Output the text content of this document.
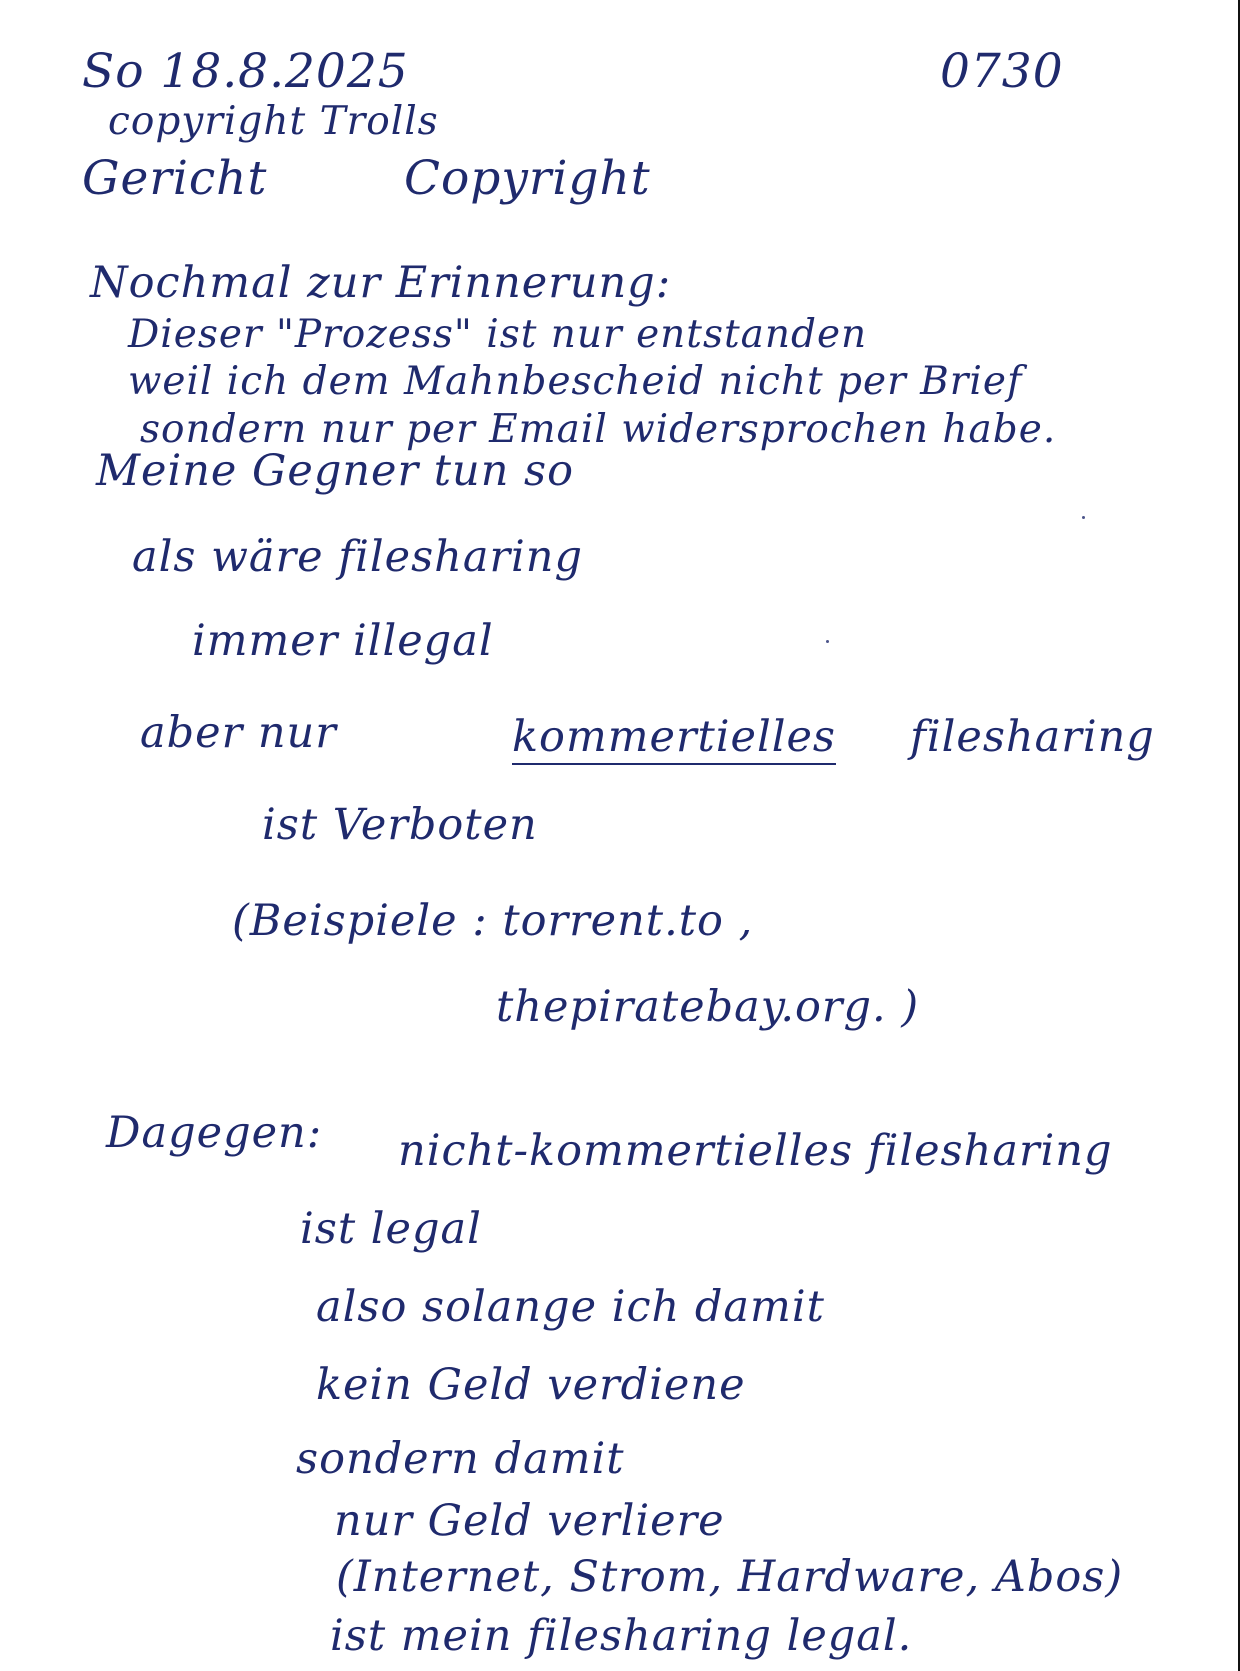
So 18.8.2025	0730
copyright Trolls
Gericht	Copyright
Nochmal zur Erinnerung:
Dieser "Prozess" ist nur entstanden
weil ich dem Mahnbescheid nicht per Brief
sondern nur per Email widersprochen habe.
Meine Gegner tun so
als wäre filesharing
immer illegal
aber nur	kommertielles filesharing
ist Verboten
(Beispiele : torrent.to ,
thepiratebay.org. )
Dagegen: nicht-kommertielles filesharing
ist legal
also solange ich damit
kein Geld verdiene
sondern damit
nur Geld verliere
(Internet, Strom, Hardware, Abos)
ist mein filesharing legal.
